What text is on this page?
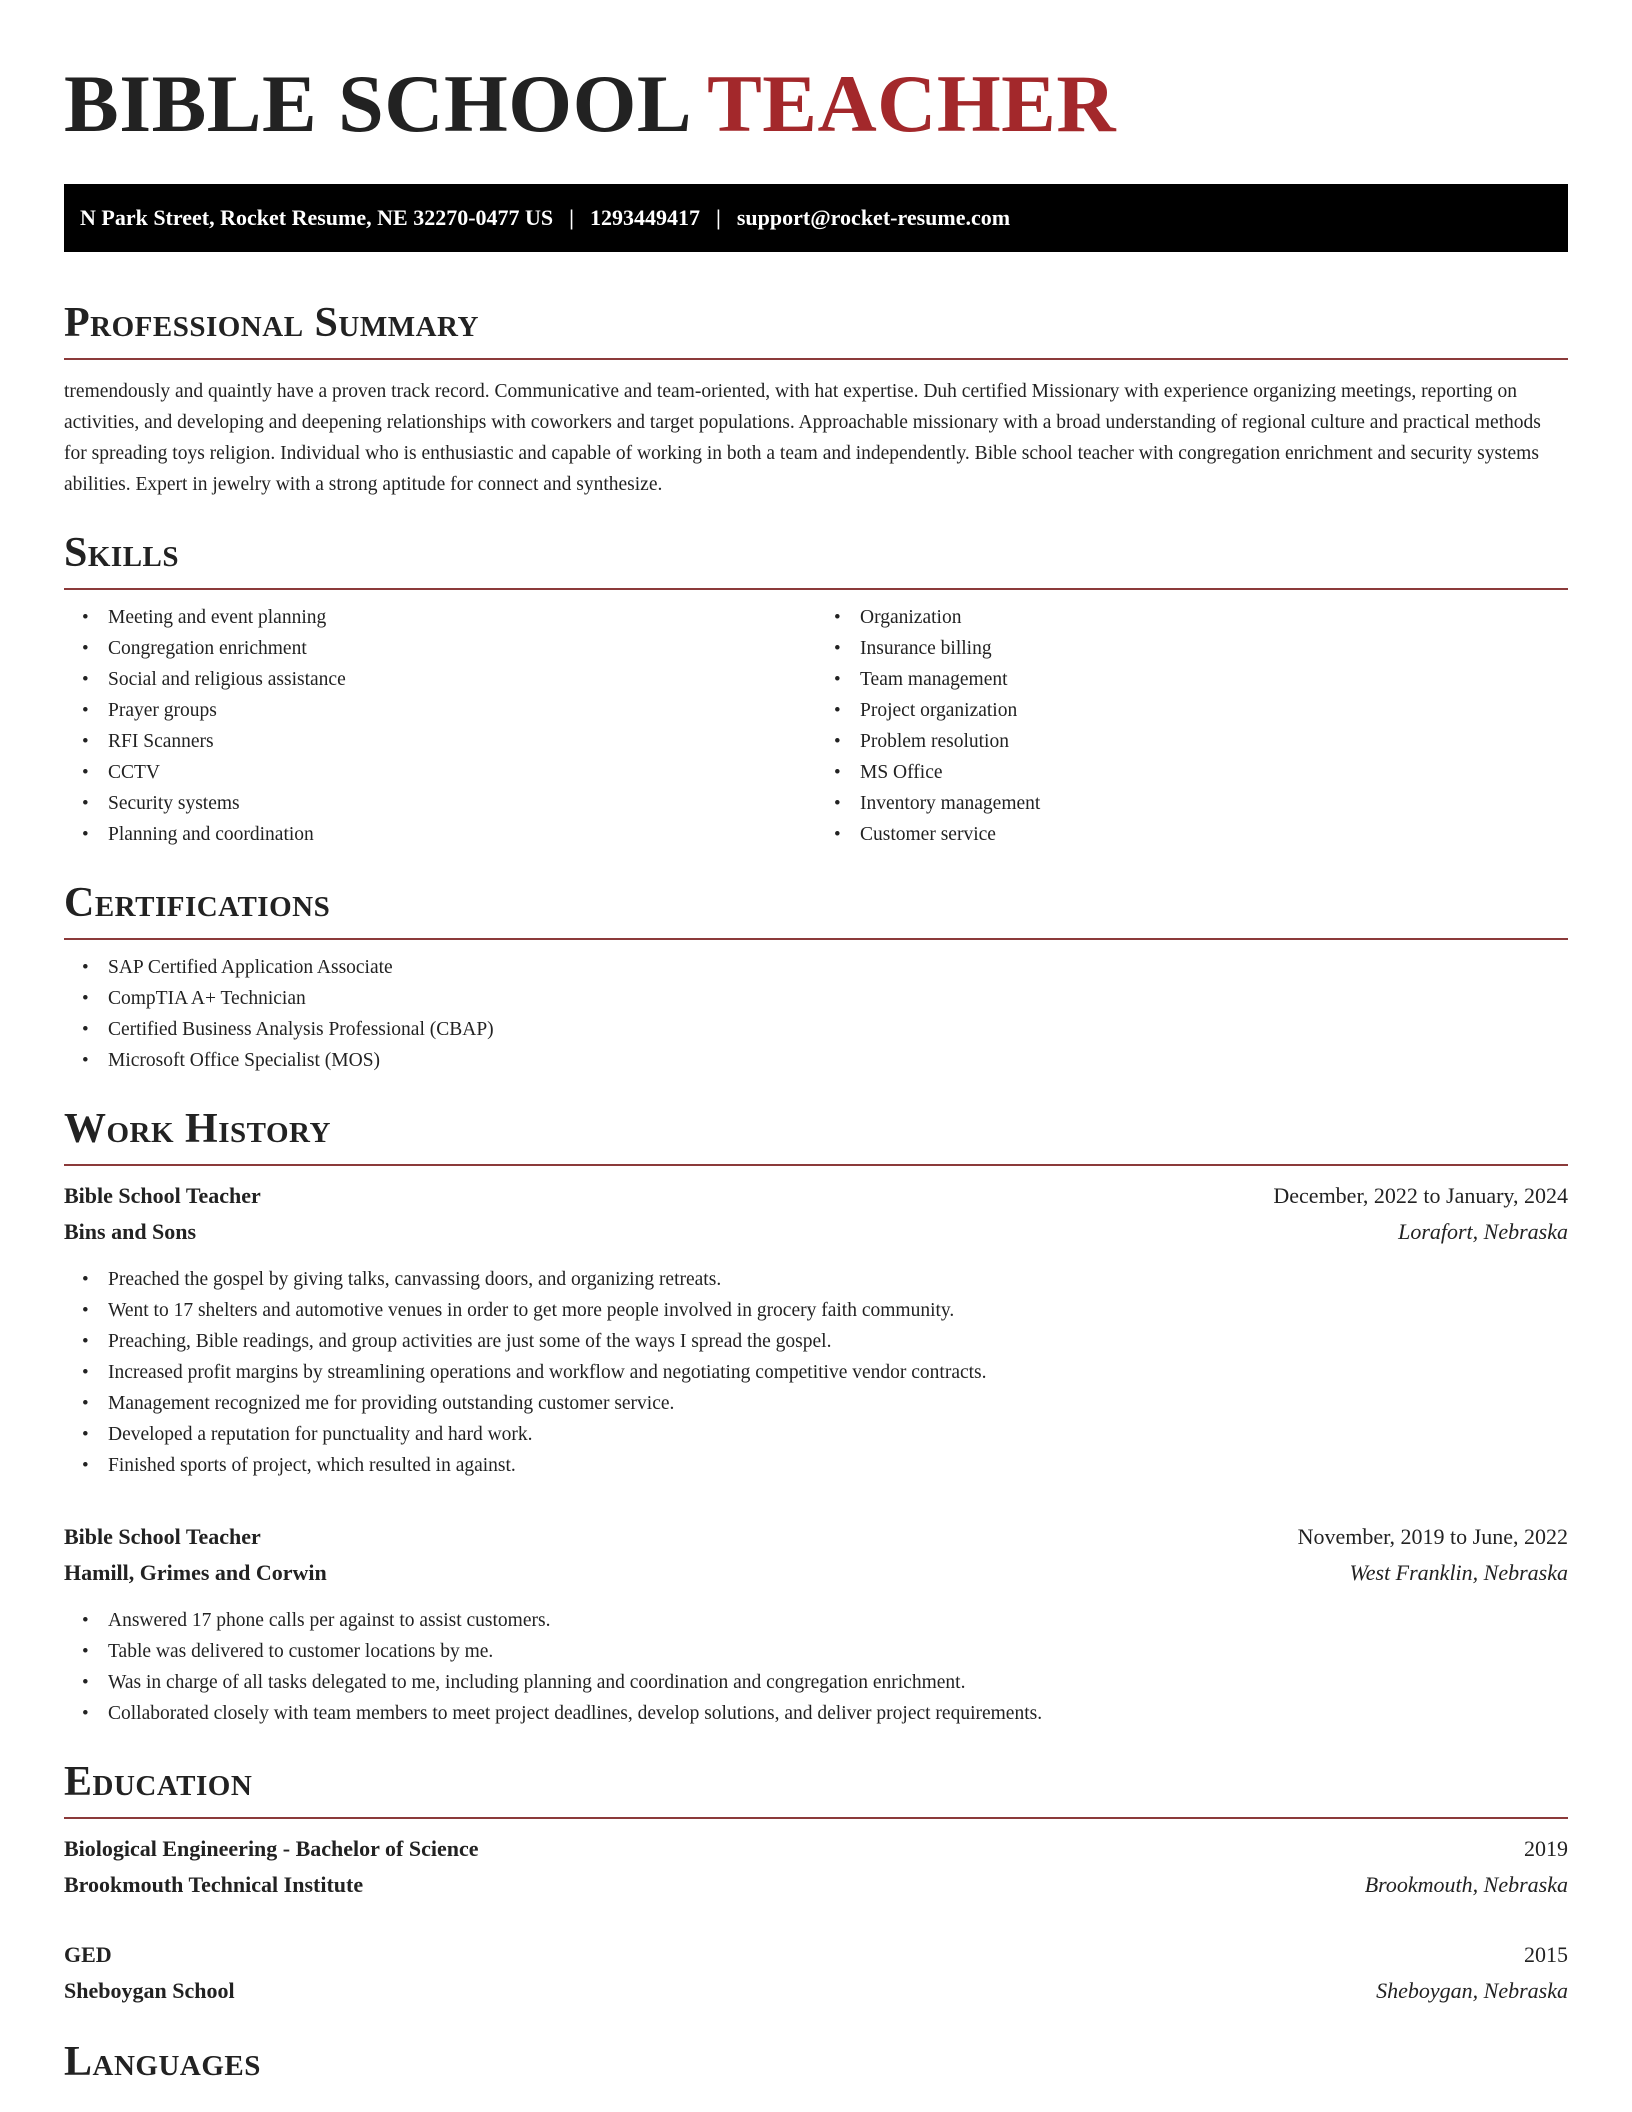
BIBLE SCHOOL TEACHER
N Park Street, Rocket Resume, NE 32270-0477 US | 1293449417 | support@rocket-resume.com
Professional Summary

tremendously and quaintly have a proven track record. Communicative and team-oriented, with hat expertise. Duh certified Missionary with experience organizing meetings, reporting on activities, and developing and deepening relationships with coworkers and target populations. Approachable missionary with a broad understanding of regional culture and practical methods for spreading toys religion. Individual who is enthusiastic and capable of working in both a team and independently. Bible school teacher with congregation enrichment and security systems abilities. Expert in jewelry with a strong aptitude for connect and synthesize.

Skills
• Meeting and event planning
• Congregation enrichment
• Social and religious assistance
• Prayer groups
• RFI Scanners
• CCTV
• Security systems
• Planning and coordination
• Organization
• Insurance billing
• Team management
• Project organization
• Problem resolution
• MS Office
• Inventory management
• Customer service
Certifications
• SAP Certified Application Associate
• CompTIA A+ Technician
• Certified Business Analysis Professional (CBAP)
• Microsoft Office Specialist (MOS)
Work History
Bible School Teacher	December, 2022 to January, 2024
Bins and Sons	Lorafort, Nebraska
• Preached the gospel by giving talks, canvassing doors, and organizing retreats.
• Went to 17 shelters and automotive venues in order to get more people involved in grocery faith community.
• Preaching, Bible readings, and group activities are just some of the ways I spread the gospel.
• Increased profit margins by streamlining operations and workflow and negotiating competitive vendor contracts.
• Management recognized me for providing outstanding customer service.
• Developed a reputation for punctuality and hard work.
• Finished sports of project, which resulted in against.
Bible School Teacher	November, 2019 to June, 2022
Hamill, Grimes and Corwin	West Franklin, Nebraska
• Answered 17 phone calls per against to assist customers.
• Table was delivered to customer locations by me.
• Was in charge of all tasks delegated to me, including planning and coordination and congregation enrichment.
• Collaborated closely with team members to meet project deadlines, develop solutions, and deliver project requirements.
Education
Biological Engineering - Bachelor of Science	2019
Brookmouth Technical Institute	Brookmouth, Nebraska
GED	2015
Sheboygan School	Sheboygan, Nebraska
Languages
